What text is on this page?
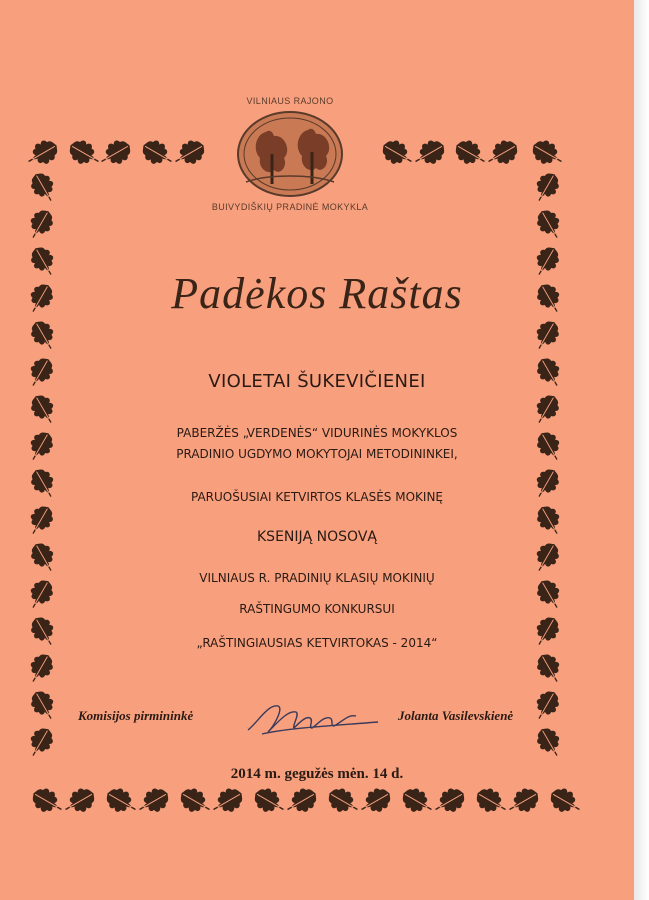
VILNIAUS RAJONO
BUIVYDIŠKIŲ PRADINĖ MOKYKLA
Padėkos Raštas
VIOLETAI ŠUKEVIČIENEI
PABERŽĖS „VERDENĖS“ VIDURINĖS MOKYKLOS
PRADINIO UGDYMO MOKYTOJAI METODININKEI,
PARUOŠUSIAI KETVIRTOS KLASĖS MOKINĘ
KSENIJĄ NOSOVĄ
VILNIAUS R. PRADINIŲ KLASIŲ MOKINIŲ
RAŠTINGUMO KONKURSUI
„RAŠTINGIAUSIAS KETVIRTOKAS - 2014“
Komisijos pirmininkė	Jolanta Vasilevskienė
2014 m. gegužės mėn. 14 d.
